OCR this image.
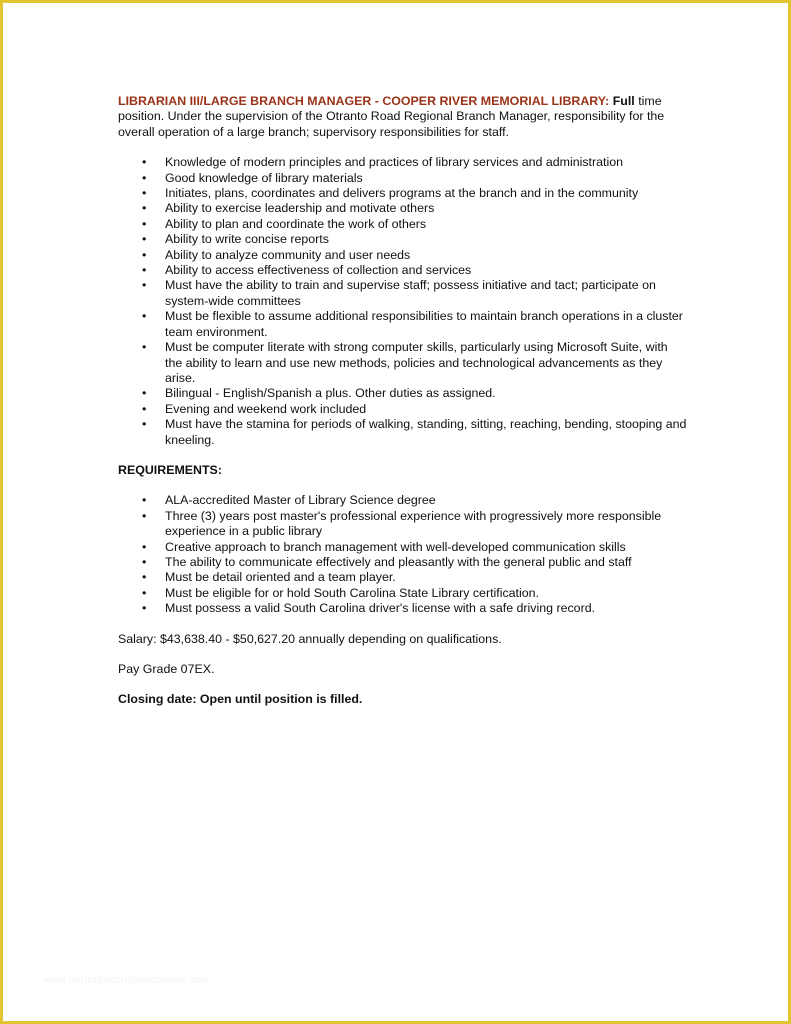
LIBRARIAN III/LARGE BRANCH MANAGER - COOPER RIVER MEMORIAL LIBRARY: Full time position. Under the supervision of the Otranto Road Regional Branch Manager, responsibility for the overall operation of a large branch; supervisory responsibilities for staff.

• Knowledge of modern principles and practices of library services and administration
• Good knowledge of library materials
• Initiates, plans, coordinates and delivers programs at the branch and in the community
• Ability to exercise leadership and motivate others
• Ability to plan and coordinate the work of others
• Ability to write concise reports
• Ability to analyze community and user needs
• Ability to access effectiveness of collection and services
• Must have the ability to train and supervise staff; possess initiative and tact; participate on system-wide committees
• Must be flexible to assume additional responsibilities to maintain branch operations in a cluster team environment.
• Must be computer literate with strong computer skills, particularly using Microsoft Suite, with the ability to learn and use new methods, policies and technological advancements as they arise.
• Bilingual - English/Spanish a plus. Other duties as assigned.
• Evening and weekend work included
• Must have the stamina for periods of walking, standing, sitting, reaching, bending, stooping and kneeling.

REQUIREMENTS:

• ALA-accredited Master of Library Science degree
• Three (3) years post master's professional experience with progressively more responsible experience in a public library
• Creative approach to branch management with well-developed communication skills
• The ability to communicate effectively and pleasantly with the general public and staff
• Must be detail oriented and a team player.
• Must be eligible for or hold South Carolina State Library certification.
• Must possess a valid South Carolina driver's license with a safe driving record.

Salary: $43,638.40 - $50,627.20 annually depending on qualifications.

Pay Grade 07EX.

Closing date: Open until position is filled.

www.heritagechristiancollege.com
